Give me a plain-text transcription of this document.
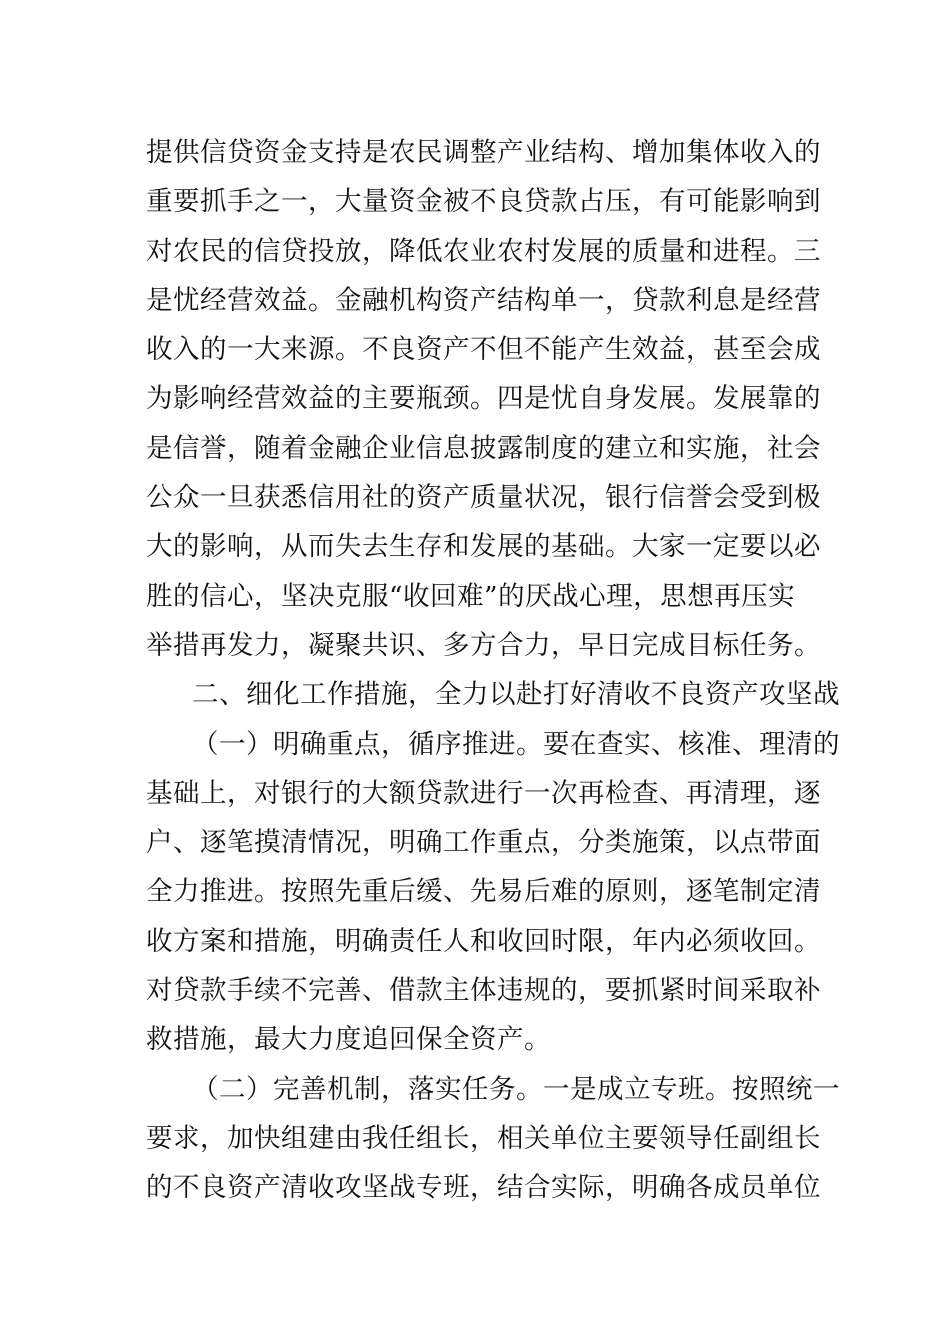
提供信贷资金支持是农民调整产业结构、增加集体收入的
重要抓手之一，大量资金被不良贷款占压，有可能影响到
对农民的信贷投放，降低农业农村发展的质量和进程。三
是忧经营效益。金融机构资产结构单一，贷款利息是经营
收入的一大来源。不良资产不但不能产生效益，甚至会成
为影响经营效益的主要瓶颈。四是忧自身发展。发展靠的
是信誉，随着金融企业信息披露制度的建立和实施，社会
公众一旦获悉信用社的资产质量状况，银行信誉会受到极
大的影响，从而失去生存和发展的基础。大家一定要以必
胜的信心，坚决克服“收回难”的厌战心理，思想再压实
举措再发力，凝聚共识、多方合力，早日完成目标任务。
二、细化工作措施，全力以赴打好清收不良资产攻坚战
（一）明确重点，循序推进。要在查实、核准、理清的
基础上，对银行的大额贷款进行一次再检查、再清理，逐
户、逐笔摸清情况，明确工作重点，分类施策，以点带面
全力推进。按照先重后缓、先易后难的原则，逐笔制定清
收方案和措施，明确责任人和收回时限，年内必须收回。
对贷款手续不完善、借款主体违规的，要抓紧时间采取补
救措施，最大力度追回保全资产。
（二）完善机制，落实任务。一是成立专班。按照统一
要求，加快组建由我任组长，相关单位主要领导任副组长
的不良资产清收攻坚战专班，结合实际，明确各成员单位
